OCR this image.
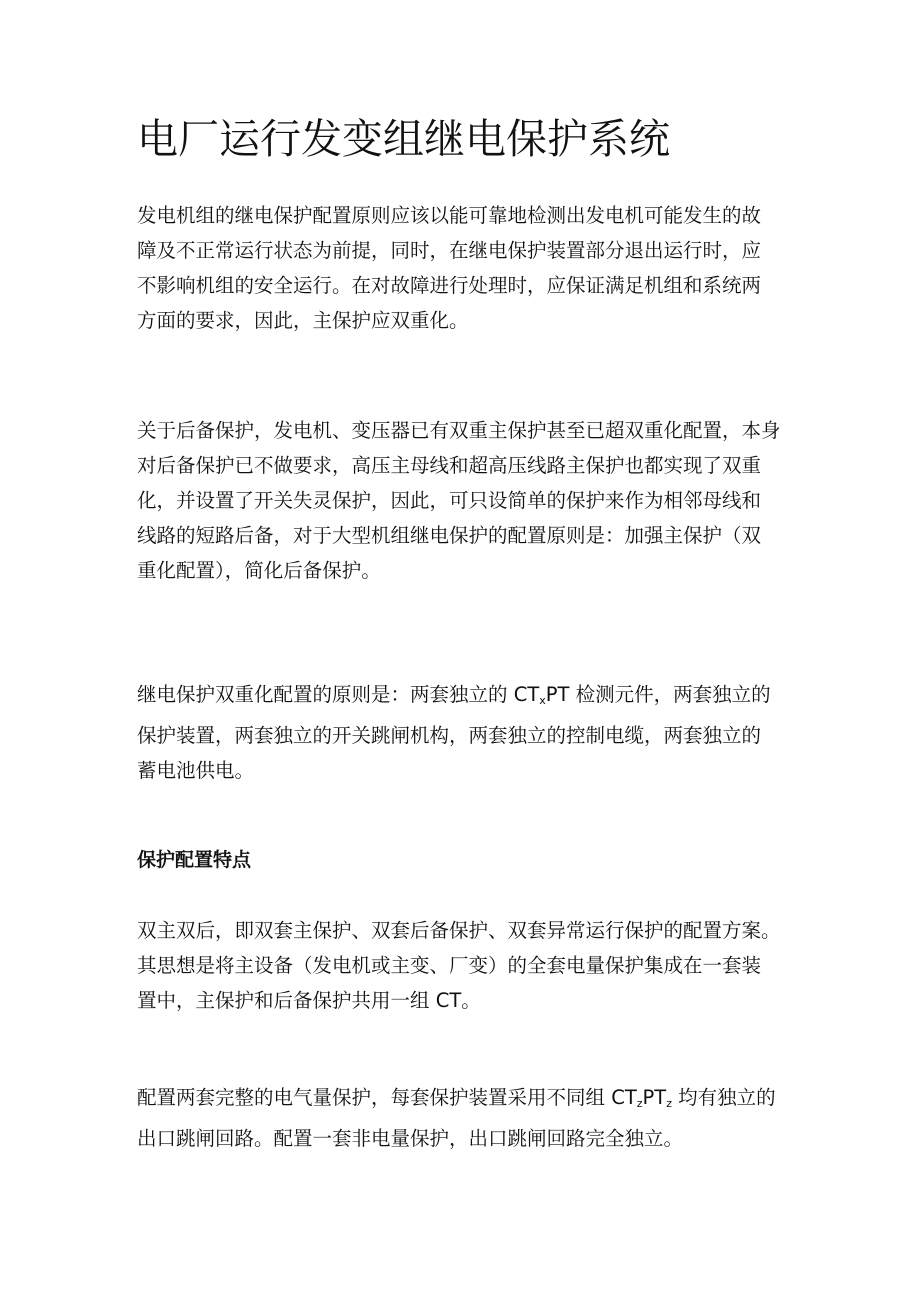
电厂运行发变组继电保护系统

发电机组的继电保护配置原则应该以能可靠地检测出发电机可能发生的故
障及不正常运行状态为前提，同时，在继电保护装置部分退出运行时，应
不影响机组的安全运行。在对故障进行处理时，应保证满足机组和系统两
方面的要求，因此，主保护应双重化。

关于后备保护，发电机、变压器已有双重主保护甚至已超双重化配置，本身
对后备保护已不做要求，高压主母线和超高压线路主保护也都实现了双重
化，并设置了开关失灵保护，因此，可只设简单的保护来作为相邻母线和
线路的短路后备，对于大型机组继电保护的配置原则是：加强主保护（双
重化配置），简化后备保护。

继电保护双重化配置的原则是：两套独立的 $CT_xPT$ 检测元件，两套独立的
保护装置，两套独立的开关跳闸机构，两套独立的控制电缆，两套独立的
蓄电池供电。

保护配置特点

双主双后，即双套主保护、双套后备保护、双套异常运行保护的配置方案。
其思想是将主设备（发电机或主变、厂变）的全套电量保护集成在一套装
置中，主保护和后备保护共用一组 CT。

配置两套完整的电气量保护，每套保护装置采用不同组 $CT_zPT_z$ 均有独立的
出口跳闸回路。配置一套非电量保护，出口跳闸回路完全独立。
